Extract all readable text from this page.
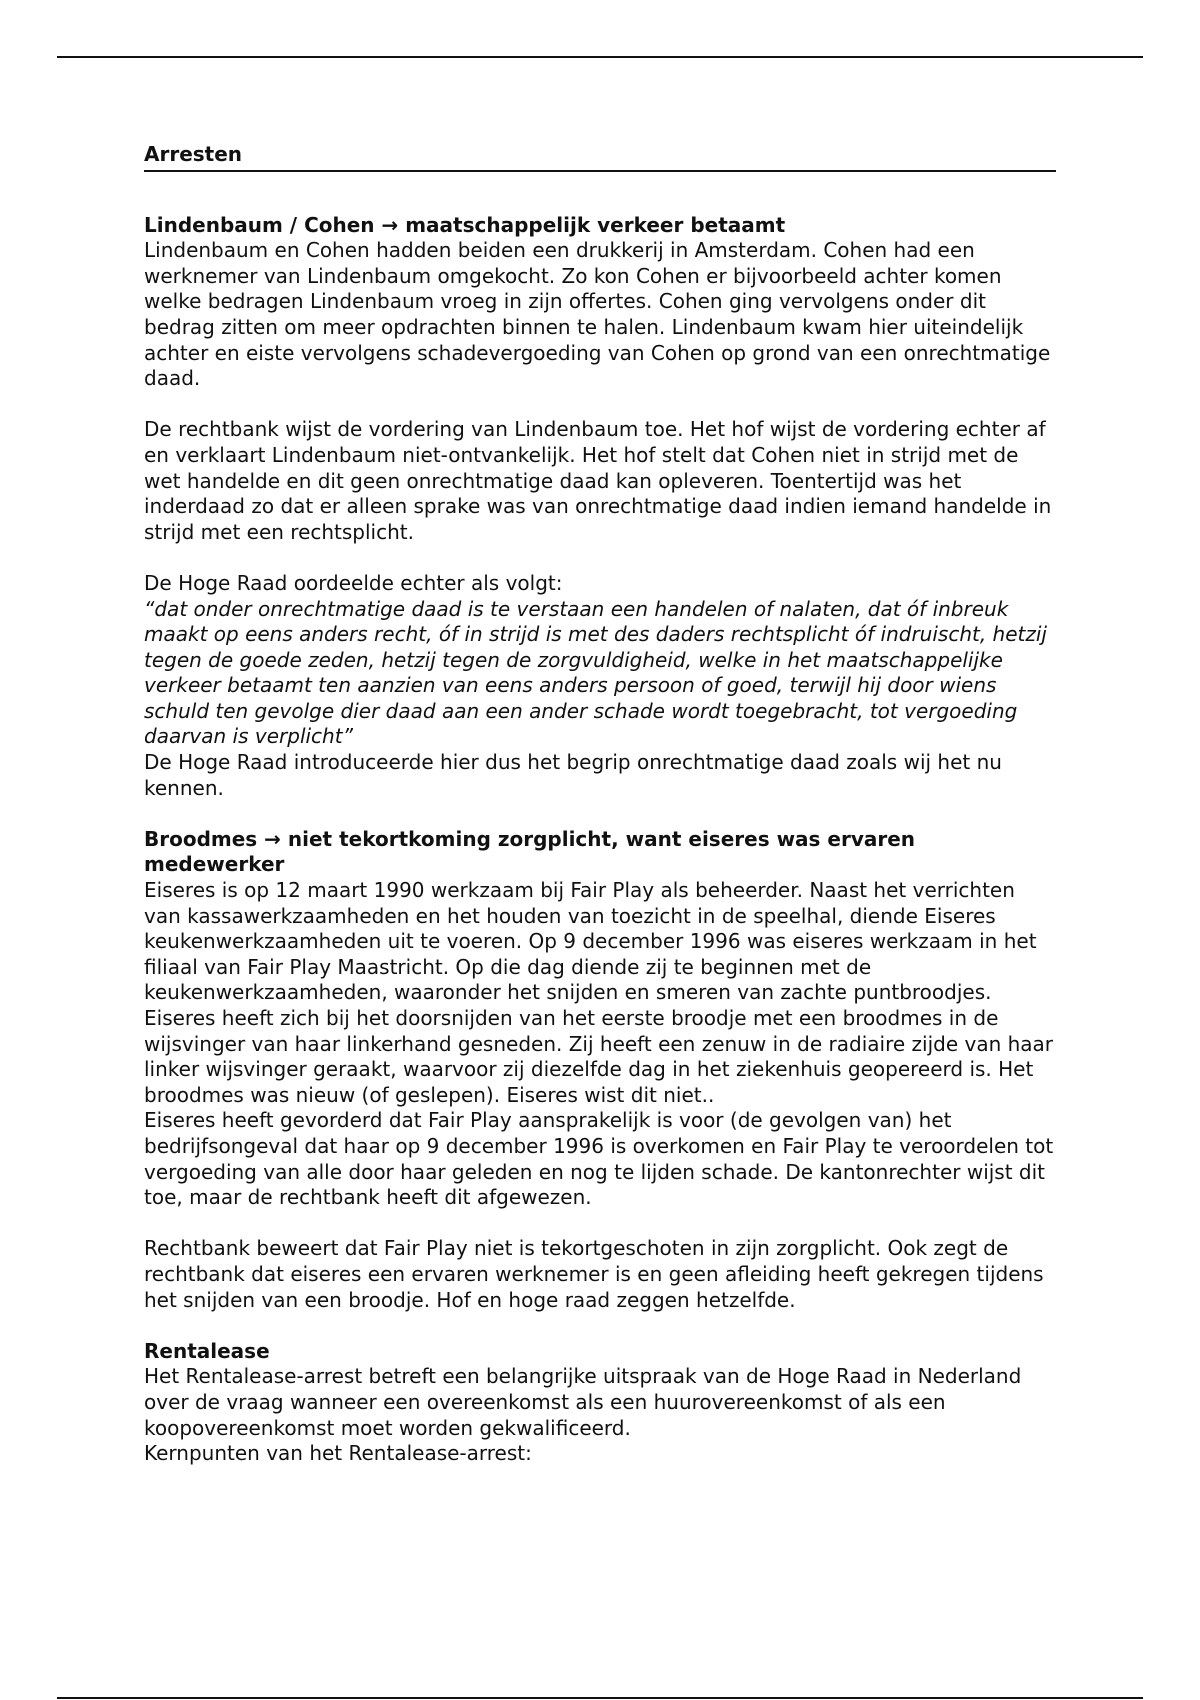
Arresten
Lindenbaum / Cohen → maatschappelijk verkeer betaamt

Lindenbaum en Cohen hadden beiden een drukkerij in Amsterdam. Cohen had een werknemer van Lindenbaum omgekocht. Zo kon Cohen er bijvoorbeeld achter komen welke bedragen Lindenbaum vroeg in zijn offertes. Cohen ging vervolgens onder dit bedrag zitten om meer opdrachten binnen te halen. Lindenbaum kwam hier uiteindelijk achter en eiste vervolgens schadevergoeding van Cohen op grond van een onrechtmatige daad.

De rechtbank wijst de vordering van Lindenbaum toe. Het hof wijst de vordering echter af en verklaart Lindenbaum niet-ontvankelijk. Het hof stelt dat Cohen niet in strijd met de wet handelde en dit geen onrechtmatige daad kan opleveren. Toentertijd was het inderdaad zo dat er alleen sprake was van onrechtmatige daad indien iemand handelde in strijd met een rechtsplicht.

De Hoge Raad oordeelde echter als volgt:

“dat onder onrechtmatige daad is te verstaan een handelen of nalaten, dat óf inbreuk maakt op eens anders recht, óf in strijd is met des daders rechtsplicht óf indruischt, hetzij tegen de goede zeden, hetzij tegen de zorgvuldigheid, welke in het maatschappelijke verkeer betaamt ten aanzien van eens anders persoon of goed, terwijl hij door wiens schuld ten gevolge dier daad aan een ander schade wordt toegebracht, tot vergoeding daarvan is verplicht”

De Hoge Raad introduceerde hier dus het begrip onrechtmatige daad zoals wij het nu kennen.

Broodmes → niet tekortkoming zorgplicht, want eiseres was ervaren medewerker

Eiseres is op 12 maart 1990 werkzaam bij Fair Play als beheerder. Naast het verrichten van kassawerkzaamheden en het houden van toezicht in de speelhal, diende Eiseres keukenwerkzaamheden uit te voeren. Op 9 december 1996 was eiseres werkzaam in het filiaal van Fair Play Maastricht. Op die dag diende zij te beginnen met de keukenwerkzaamheden, waaronder het snijden en smeren van zachte puntbroodjes. Eiseres heeft zich bij het doorsnijden van het eerste broodje met een broodmes in de wijsvinger van haar linkerhand gesneden. Zij heeft een zenuw in de radiaire zijde van haar linker wijsvinger geraakt, waarvoor zij diezelfde dag in het ziekenhuis geopereerd is. Het broodmes was nieuw (of geslepen). Eiseres wist dit niet..

Eiseres heeft gevorderd dat Fair Play aansprakelijk is voor (de gevolgen van) het bedrijfsongeval dat haar op 9 december 1996 is overkomen en Fair Play te veroordelen tot vergoeding van alle door haar geleden en nog te lijden schade. De kantonrechter wijst dit toe, maar de rechtbank heeft dit afgewezen.

Rechtbank beweert dat Fair Play niet is tekortgeschoten in zijn zorgplicht. Ook zegt de rechtbank dat eiseres een ervaren werknemer is en geen afleiding heeft gekregen tijdens het snijden van een broodje. Hof en hoge raad zeggen hetzelfde.

Rentalease

Het Rentalease-arrest betreft een belangrijke uitspraak van de Hoge Raad in Nederland over de vraag wanneer een overeenkomst als een huurovereenkomst of als een koopovereenkomst moet worden gekwalificeerd.

Kernpunten van het Rentalease-arrest:
